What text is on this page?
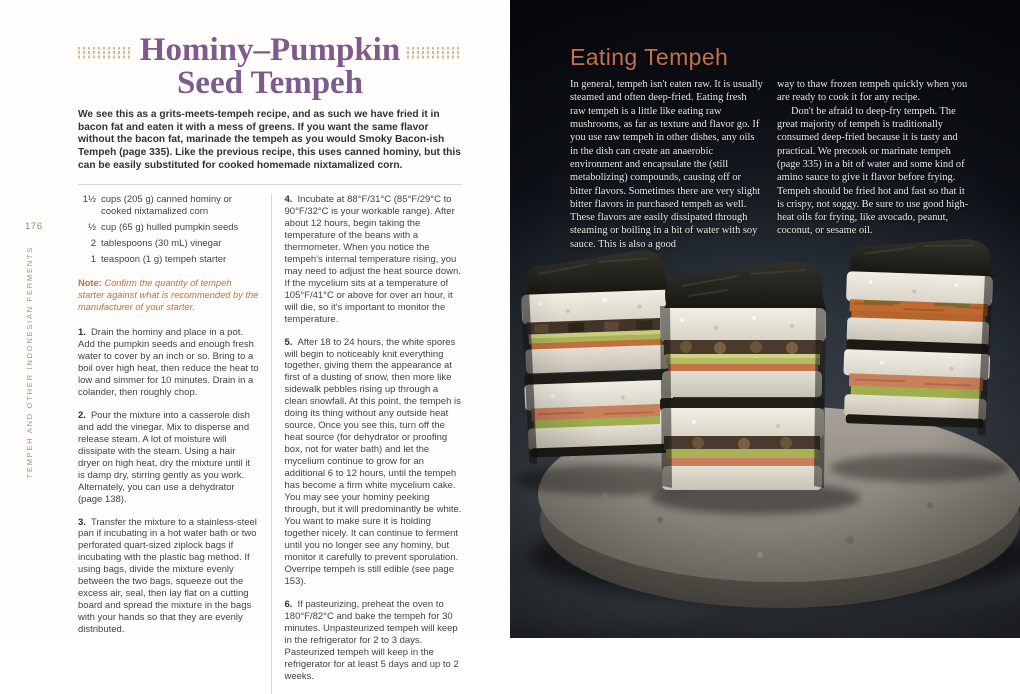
176
TEMPEH AND OTHER INDONESIAN FERMENTS
Hominy–Pumpkin
Seed Tempeh

We see this as a grits-meets-tempeh recipe, and as such we have fried it in bacon fat and eaten it with a mess of greens. If you want the same flavor without the bacon fat, marinade the tempeh as you would Smoky Bacon-ish Tempeh (page 335). Like the previous recipe, this uses canned hominy, but this can be easily substituted for cooked homemade nixtamalized corn.

1½ cups (205 g) canned hominy or cooked nixtamalized corn
½ cup (65 g) hulled pumpkin seeds
2 tablespoons (30 mL) vinegar
1 teaspoon (1 g) tempeh starter

Note: Confirm the quantity of tempeh starter against what is recommended by the manufacturer of your starter.

1. Drain the hominy and place in a pot. Add the pumpkin seeds and enough fresh water to cover by an inch or so. Bring to a boil over high heat, then reduce the heat to low and simmer for 10 minutes. Drain in a colander, then roughly chop.

2. Pour the mixture into a casserole dish and add the vinegar. Mix to disperse and release steam. A lot of moisture will dissipate with the steam. Using a hair dryer on high heat, dry the mixture until it is damp dry, stirring gently as you work. Alternately, you can use a dehydrator (page 138).

3. Transfer the mixture to a stainless-steel pan if incubating in a hot water bath or two perforated quart-sized ziplock bags if incubating with the plastic bag method. If using bags, divide the mixture evenly between the two bags, squeeze out the excess air, seal, then lay flat on a cutting board and spread the mixture in the bags with your hands so that they are evenly distributed.

4. Incubate at 88°F/31°C (85°F/29°C to 90°F/32°C is your workable range). After about 12 hours, begin taking the temperature of the beans with a thermometer. When you notice the tempeh's internal temperature rising, you may need to adjust the heat source down. If the mycelium sits at a temperature of 105°F/41°C or above for over an hour, it will die, so it's important to monitor the temperature.

5. After 18 to 24 hours, the white spores will begin to noticeably knit everything together, giving them the appearance at first of a dusting of snow, then more like sidewalk pebbles rising up through a clean snowfall. At this point, the tempeh is doing its thing without any outside heat source. Once you see this, turn off the heat source (for dehydrator or proofing box, not for water bath) and let the mycelium continue to grow for an additional 6 to 12 hours, until the tempeh has become a firm white mycelium cake. You may see your hominy peeking through, but it will predominantly be white. You want to make sure it is holding together nicely. It can continue to ferment until you no longer see any hominy, but monitor it carefully to prevent sporulation. Overripe tempeh is still edible (see page 153).

6. If pasteurizing, preheat the oven to 180°F/82°C and bake the tempeh for 30 minutes. Unpasteurized tempeh will keep in the refrigerator for 2 to 3 days. Pasteurized tempeh will keep in the refrigerator for at least 5 days and up to 2 weeks.

Eating Tempeh

In general, tempeh isn't eaten raw. It is usually steamed and often deep-fried. Eating fresh raw tempeh is a little like eating raw mushrooms, as far as texture and flavor go. If you use raw tempeh in other dishes, any oils in the dish can create an anaerobic environment and encapsulate the (still metabolizing) compounds, causing off or bitter flavors. Sometimes there are very slight bitter flavors in purchased tempeh as well. These flavors are easily dissipated through steaming or boiling in a bit of water with soy sauce. This is also a good

way to thaw frozen tempeh quickly when you are ready to cook it for any recipe.

Don't be afraid to deep-fry tempeh. The great majority of tempeh is traditionally consumed deep-fried because it is tasty and practical. We precook or marinate tempeh (page 335) in a bit of water and some kind of amino sauce to give it flavor before frying. Tempeh should be fried hot and fast so that it is crispy, not soggy. Be sure to use good high-heat oils for frying, like avocado, peanut, coconut, or sesame oil.
